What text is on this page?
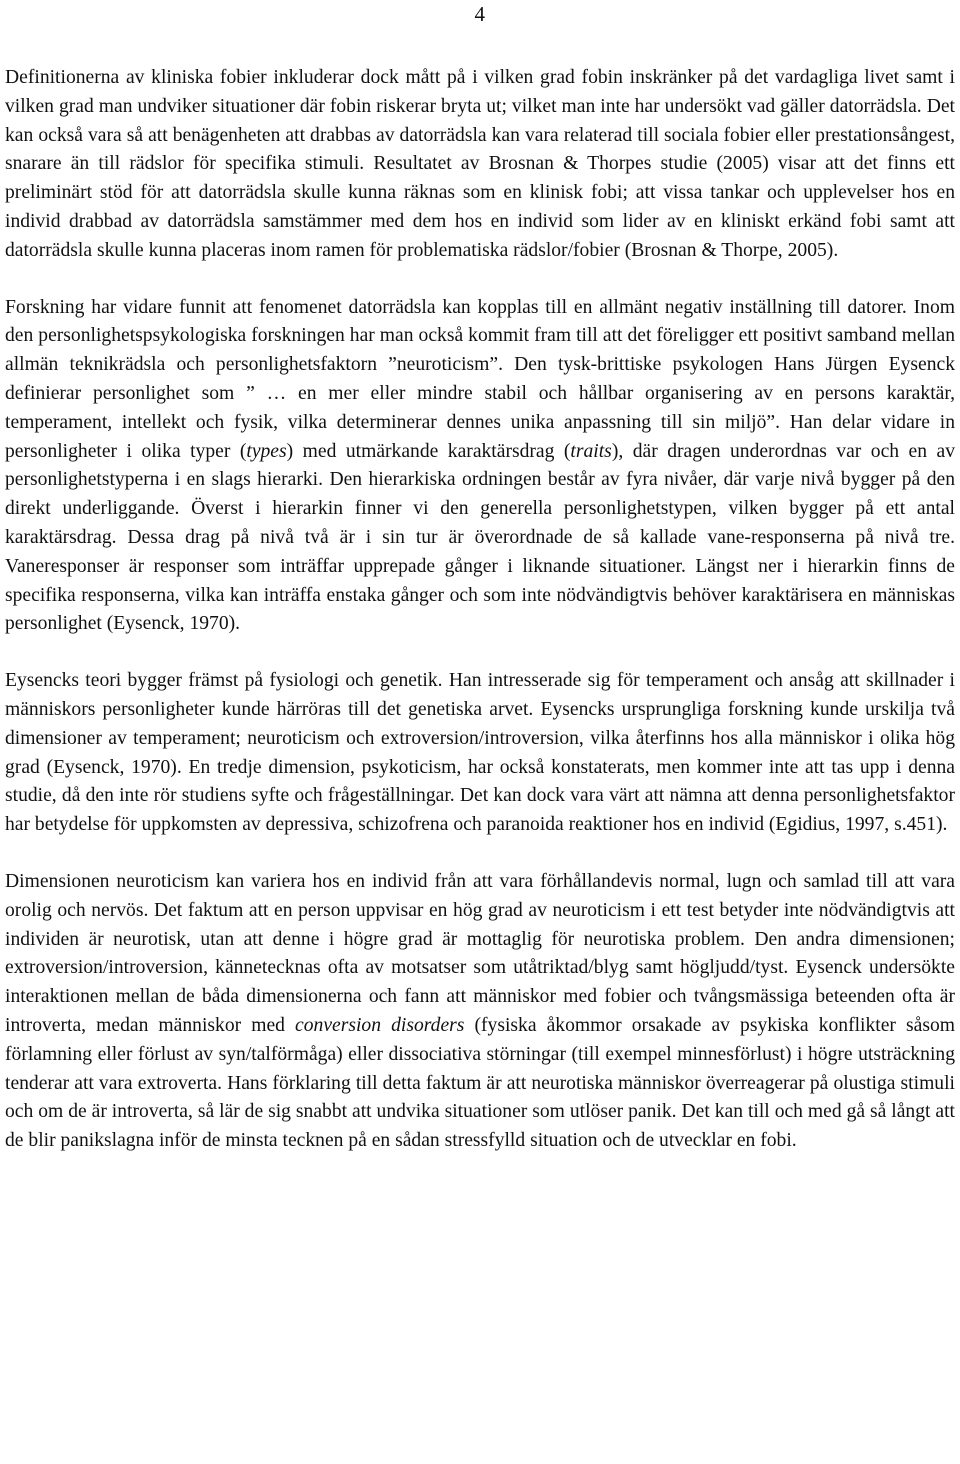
4

Definitionerna av kliniska fobier inkluderar dock mått på i vilken grad fobin inskränker på det vardagliga livet samt i vilken grad man undviker situationer där fobin riskerar bryta ut; vilket man inte har undersökt vad gäller datorrädsla. Det kan också vara så att benägenheten att drabbas av datorrädsla kan vara relaterad till sociala fobier eller prestationsångest, snarare än till rädslor för specifika stimuli. Resultatet av Brosnan & Thorpes studie (2005) visar att det finns ett preliminärt stöd för att datorrädsla skulle kunna räknas som en klinisk fobi; att vissa tankar och upplevelser hos en individ drabbad av datorrädsla samstämmer med dem hos en individ som lider av en kliniskt erkänd fobi samt att datorrädsla skulle kunna placeras inom ramen för problematiska rädslor/fobier (Brosnan & Thorpe, 2005).

Forskning har vidare funnit att fenomenet datorrädsla kan kopplas till en allmänt negativ inställning till datorer. Inom den personlighetspsykologiska forskningen har man också kommit fram till att det föreligger ett positivt samband mellan allmän teknikrädsla och personlighetsfaktorn ”neuroticism”. Den tysk-brittiske psykologen Hans Jürgen Eysenck definierar personlighet som ” … en mer eller mindre stabil och hållbar organisering av en persons karaktär, temperament, intellekt och fysik, vilka determinerar dennes unika anpassning till sin miljö”. Han delar vidare in personligheter i olika typer (types) med utmärkande karaktärsdrag (traits), där dragen underordnas var och en av personlighetstyperna i en slags hierarki. Den hierarkiska ordningen består av fyra nivåer, där varje nivå bygger på den direkt underliggande. Överst i hierarkin finner vi den generella personlighetstypen, vilken bygger på ett antal karaktärsdrag. Dessa drag på nivå två är i sin tur är överordnade de så kallade vane-responserna på nivå tre. Vaneresponser är responser som inträffar upprepade gånger i liknande situationer. Längst ner i hierarkin finns de specifika responserna, vilka kan inträffa enstaka gånger och som inte nödvändigtvis behöver karaktärisera en människas personlighet (Eysenck, 1970).

Eysencks teori bygger främst på fysiologi och genetik. Han intresserade sig för temperament och ansåg att skillnader i människors personligheter kunde härröras till det genetiska arvet. Eysencks ursprungliga forskning kunde urskilja två dimensioner av temperament; neuroticism och extroversion/introversion, vilka återfinns hos alla människor i olika hög grad (Eysenck, 1970). En tredje dimension, psykoticism, har också konstaterats, men kommer inte att tas upp i denna studie, då den inte rör studiens syfte och frågeställningar. Det kan dock vara värt att nämna att denna personlighetsfaktor har betydelse för uppkomsten av depressiva, schizofrena och paranoida reaktioner hos en individ (Egidius, 1997, s.451).

Dimensionen neuroticism kan variera hos en individ från att vara förhållandevis normal, lugn och samlad till att vara orolig och nervös. Det faktum att en person uppvisar en hög grad av neuroticism i ett test betyder inte nödvändigtvis att individen är neurotisk, utan att denne i högre grad är mottaglig för neurotiska problem. Den andra dimensionen; extroversion/introversion, kännetecknas ofta av motsatser som utåtriktad/blyg samt högljudd/tyst. Eysenck undersökte interaktionen mellan de båda dimensionerna och fann att människor med fobier och tvångsmässiga beteenden ofta är introverta, medan människor med conversion disorders (fysiska åkommor orsakade av psykiska konflikter såsom förlamning eller förlust av syn/talförmåga) eller dissociativa störningar (till exempel minnesförlust) i högre utsträckning tenderar att vara extroverta. Hans förklaring till detta faktum är att neurotiska människor överreagerar på olustiga stimuli och om de är introverta, så lär de sig snabbt att undvika situationer som utlöser panik. Det kan till och med gå så långt att de blir panikslagna inför de minsta tecknen på en sådan stressfylld situation och de utvecklar en fobi.
